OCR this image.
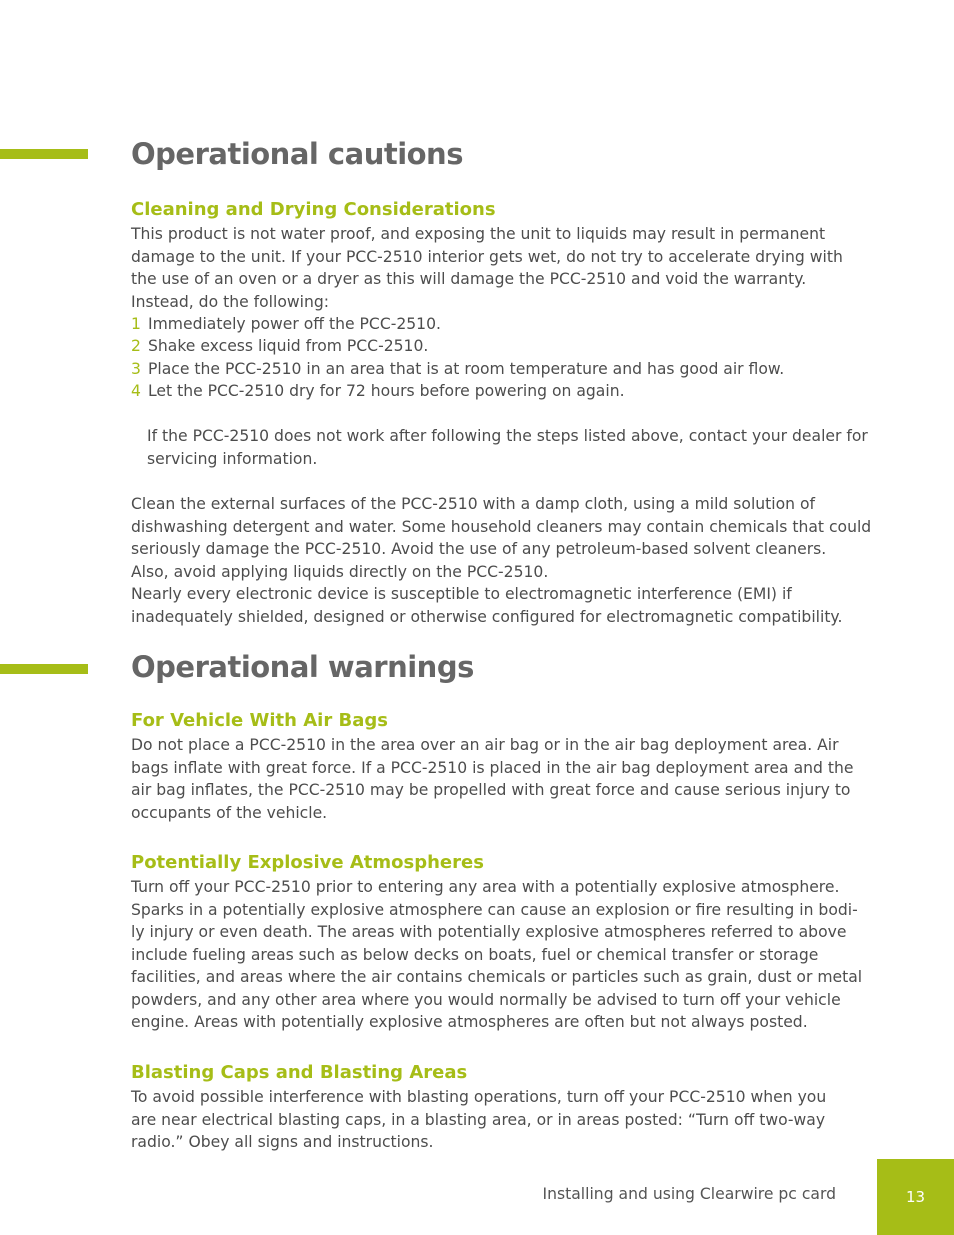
Operational cautions
Cleaning and Drying Considerations

This product is not water proof, and exposing the unit to liquids may result in permanent
damage to the unit. If your PCC-2510 interior gets wet, do not try to accelerate drying with
the use of an oven or a dryer as this will damage the PCC-2510 and void the warranty.
Instead, do the following:

1 Immediately power off the PCC-2510.
2 Shake excess liquid from PCC-2510.
3 Place the PCC-2510 in an area that is at room temperature and has good air flow.
4 Let the PCC-2510 dry for 72 hours before powering on again.

If the PCC-2510 does not work after following the steps listed above, contact your dealer for
servicing information.

Clean the external surfaces of the PCC-2510 with a damp cloth, using a mild solution of
dishwashing detergent and water. Some household cleaners may contain chemicals that could
seriously damage the PCC-2510. Avoid the use of any petroleum-based solvent cleaners.
Also, avoid applying liquids directly on the PCC-2510.
Nearly every electronic device is susceptible to electromagnetic interference (EMI) if
inadequately shielded, designed or otherwise configured for electromagnetic compatibility.

Operational warnings
For Vehicle With Air Bags

Do not place a PCC-2510 in the area over an air bag or in the air bag deployment area. Air
bags inflate with great force. If a PCC-2510 is placed in the air bag deployment area and the
air bag inflates, the PCC-2510 may be propelled with great force and cause serious injury to
occupants of the vehicle.

Potentially Explosive Atmospheres

Turn off your PCC-2510 prior to entering any area with a potentially explosive atmosphere.
Sparks in a potentially explosive atmosphere can cause an explosion or fire resulting in bodi-
ly injury or even death. The areas with potentially explosive atmospheres referred to above
include fueling areas such as below decks on boats, fuel or chemical transfer or storage
facilities, and areas where the air contains chemicals or particles such as grain, dust or metal
powders, and any other area where you would normally be advised to turn off your vehicle
engine. Areas with potentially explosive atmospheres are often but not always posted.

Blasting Caps and Blasting Areas

To avoid possible interference with blasting operations, turn off your PCC-2510 when you
are near electrical blasting caps, in a blasting area, or in areas posted: “Turn off two-way
radio.” Obey all signs and instructions.

Installing and using Clearwire pc card	13
